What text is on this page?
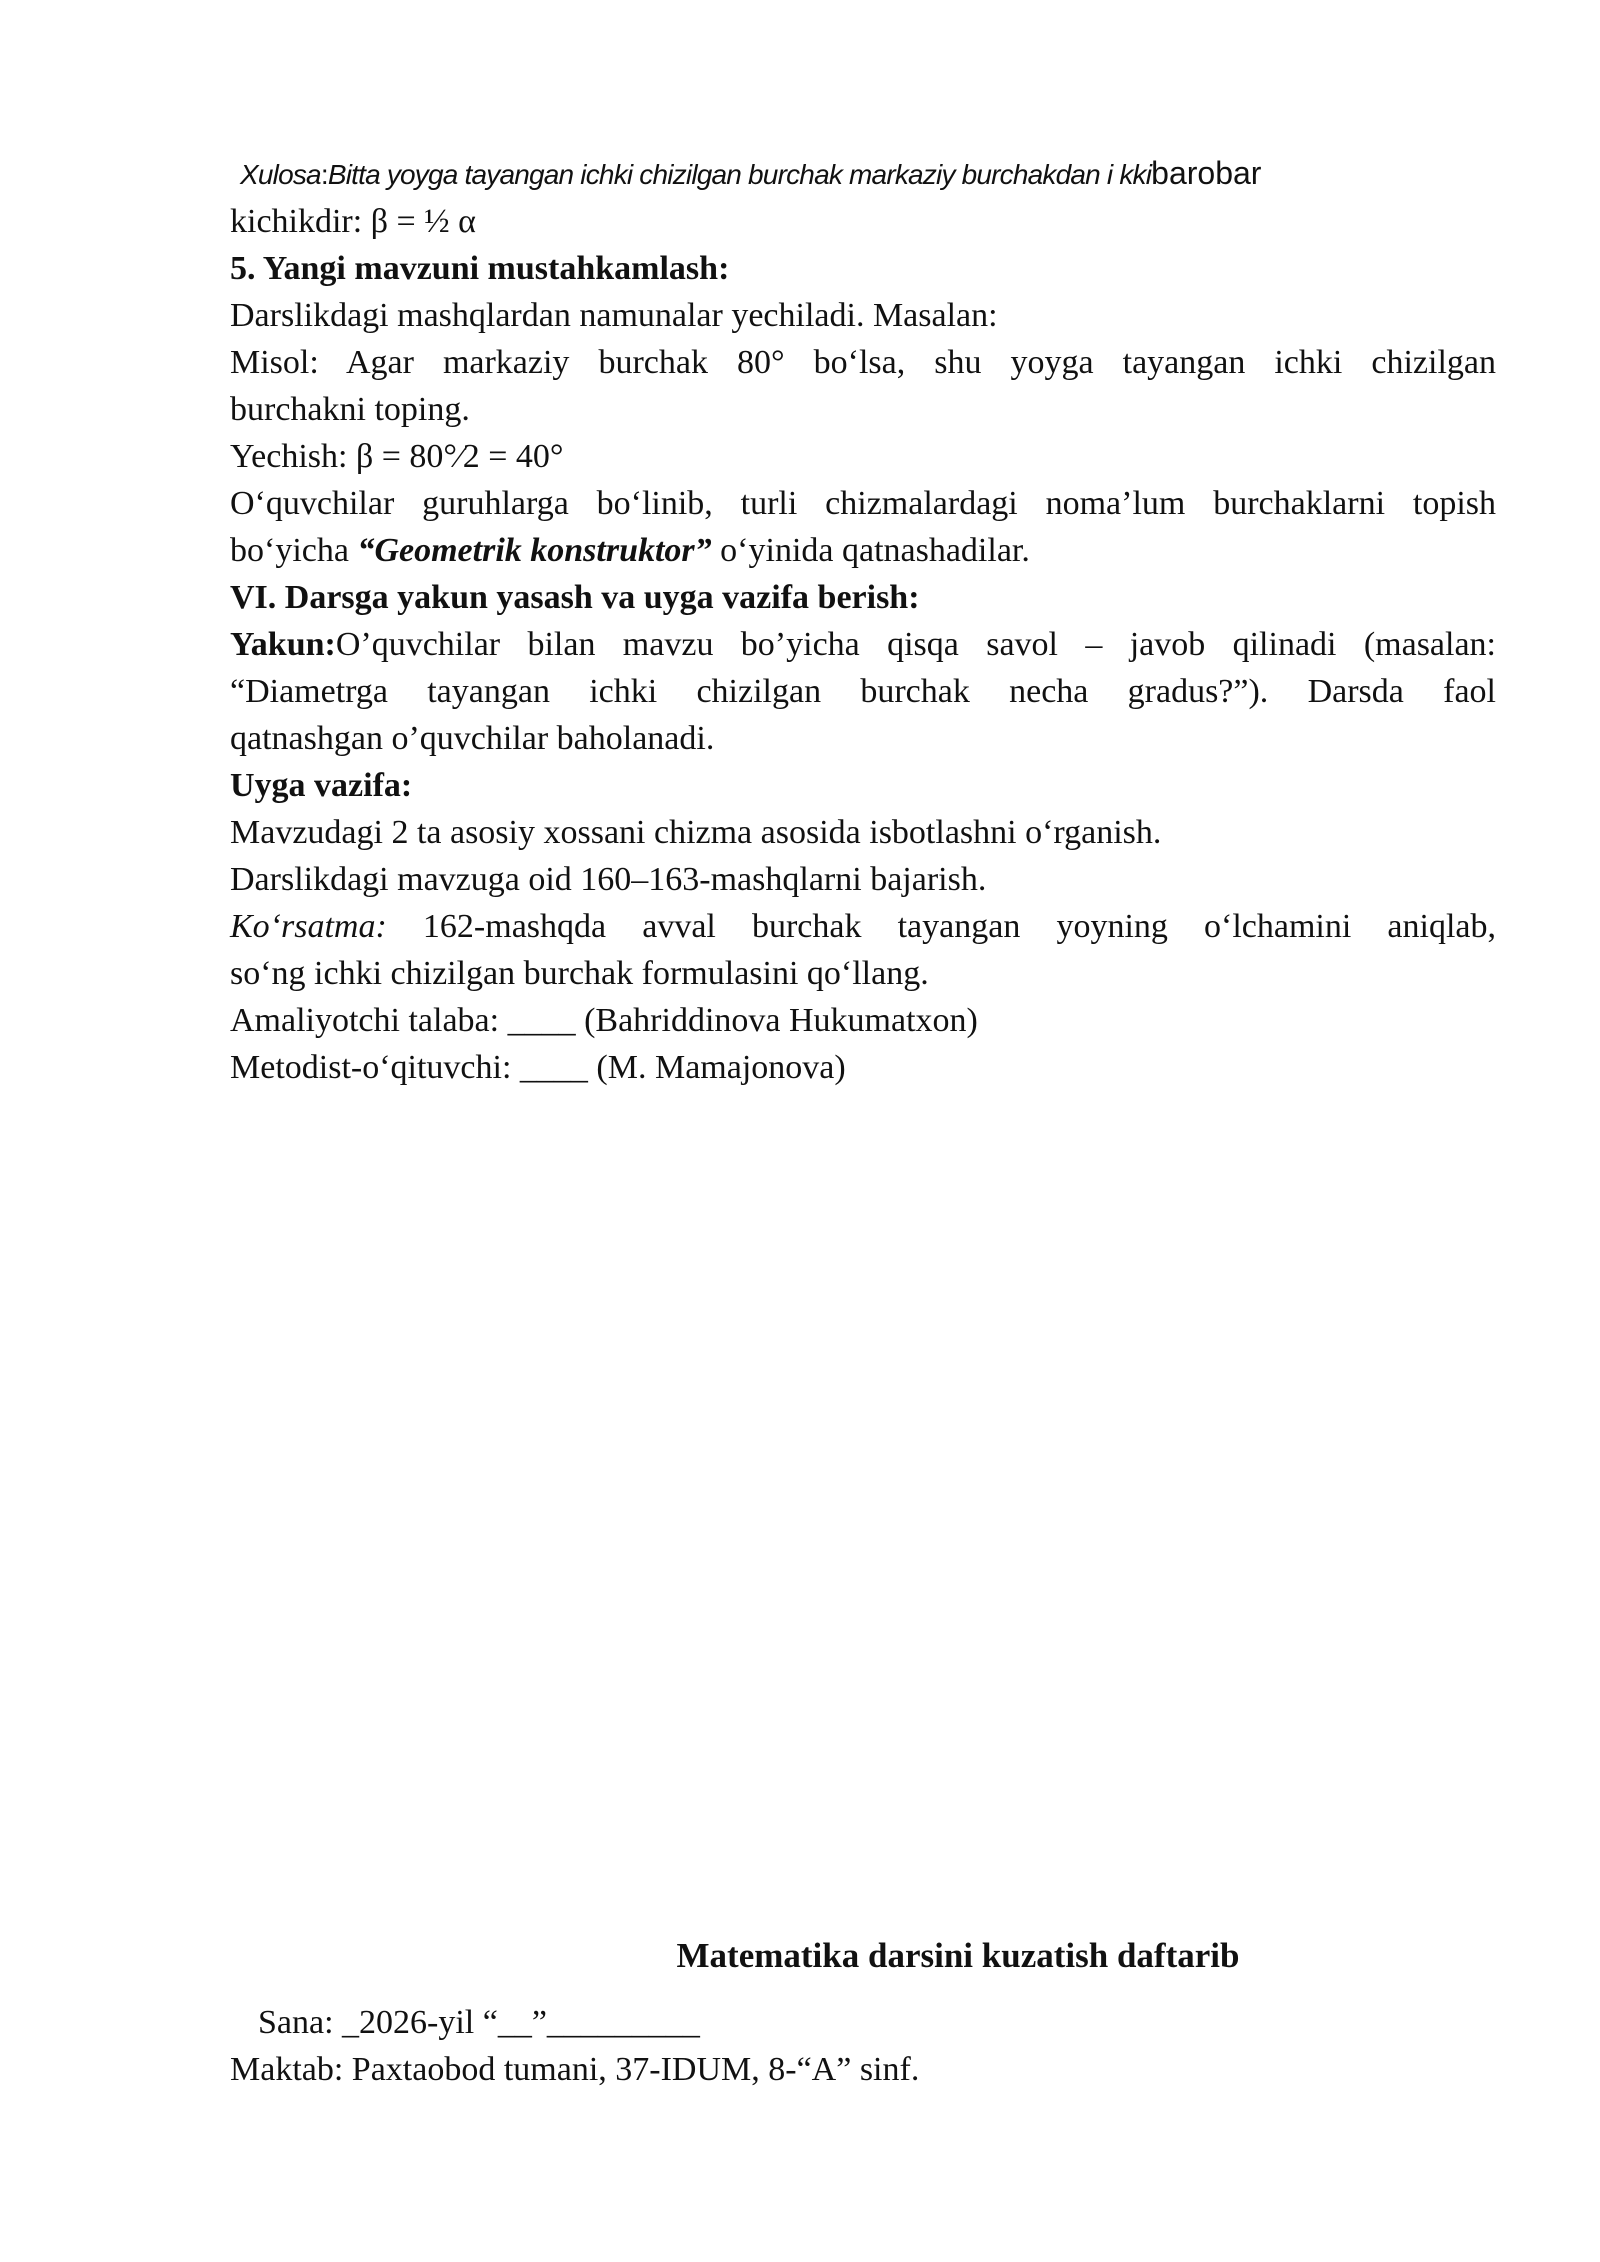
Xulosa:Bitta yoyga tayangan ichki chizilgan burchak markaziy burchakdan i kkibarobar
kichikdir: β = ½ α
5. Yangi mavzuni mustahkamlash:
Darslikdagi mashqlardan namunalar yechiladi. Masalan:
Misol: Agar markaziy burchak 80° bo‘lsa, shu yoyga tayangan ichki chizilgan
burchakni toping.
Yechish: β = 80°⁄2 = 40°
O‘quvchilar guruhlarga bo‘linib, turli chizmalardagi noma’lum burchaklarni topish
bo‘yicha “Geometrik konstruktor” o‘yinida qatnashadilar.
VI. Darsga yakun yasash va uyga vazifa berish:
Yakun:O’quvchilar bilan mavzu bo’yicha qisqa savol – javob qilinadi (masalan:
“Diametrga tayangan ichki chizilgan burchak necha gradus?”). Darsda faol
qatnashgan o’quvchilar baholanadi.
Uyga vazifa:
Mavzudagi 2 ta asosiy xossani chizma asosida isbotlashni o‘rganish.
Darslikdagi mavzuga oid 160–163-mashqlarni bajarish.
Ko‘rsatma: 162-mashqda avval burchak tayangan yoyning o‘lchamini aniqlab,
so‘ng ichki chizilgan burchak formulasini qo‘llang.
Amaliyotchi talaba: ____ (Bahriddinova Hukumatxon)
Metodist-o‘qituvchi: ____ (M. Mamajonova)
Matematika darsini kuzatish daftarib
Sana: _2026-yil “__”_________
Maktab: Paxtaobod tumani, 37-IDUM, 8-“A” sinf.
